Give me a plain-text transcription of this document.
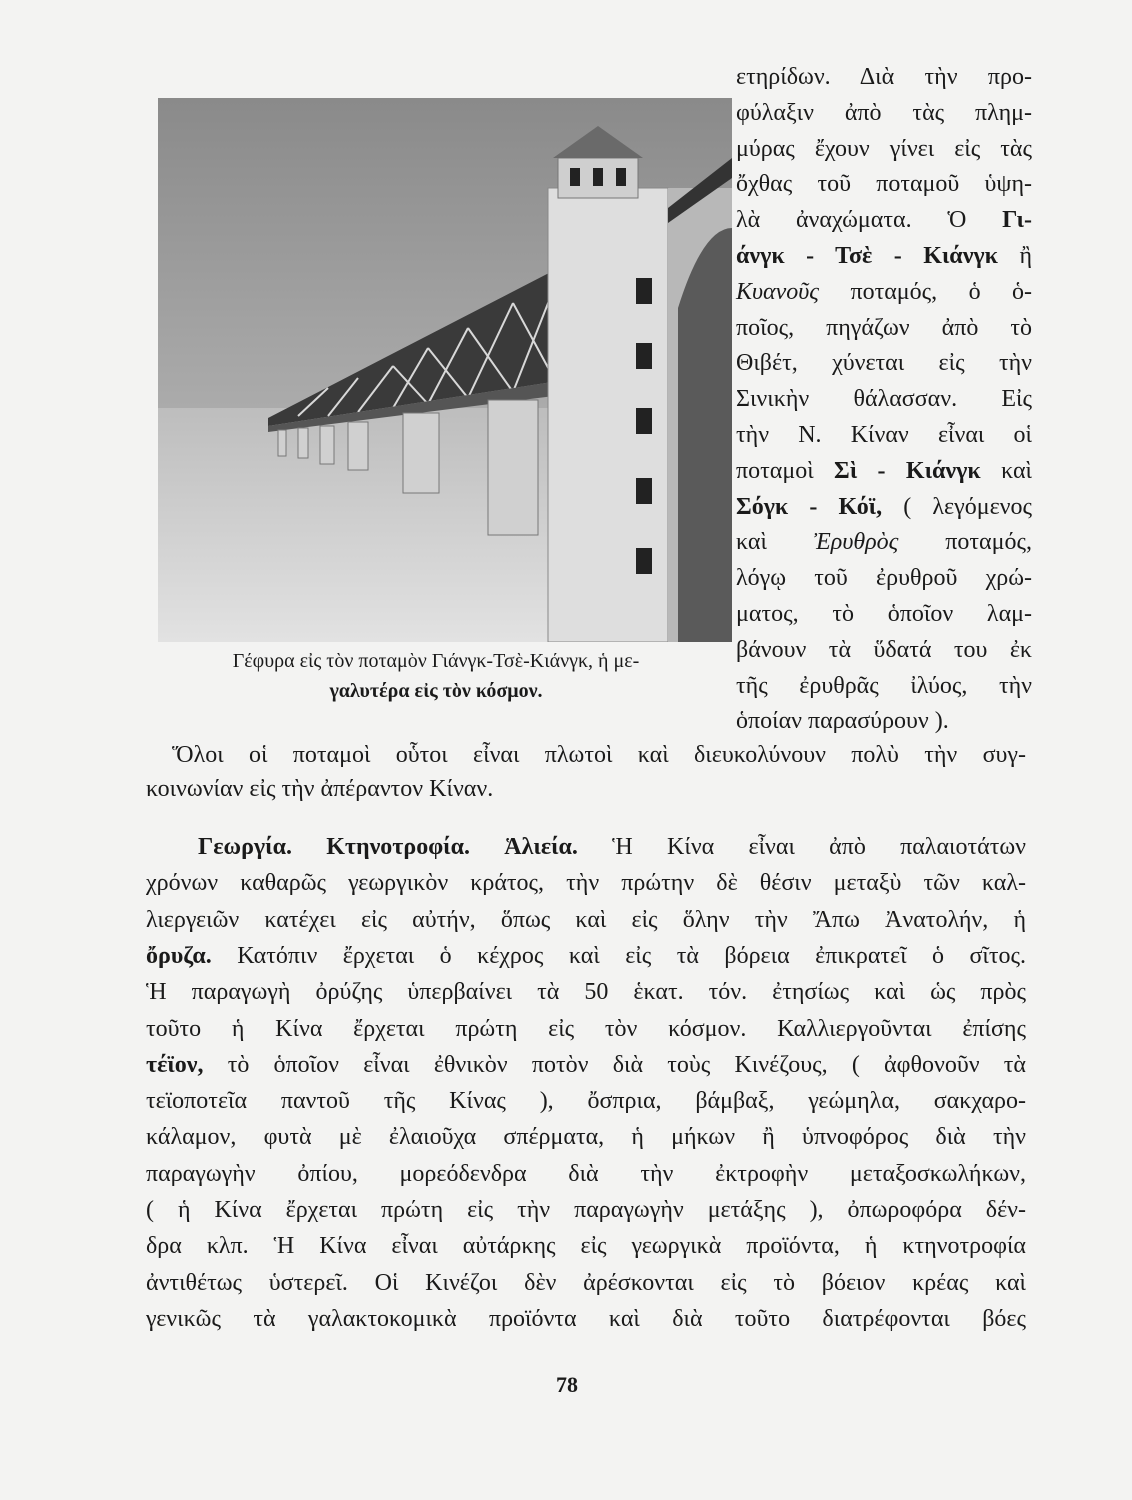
ετηρίδων. Διὰ τὴν προ-
φύλαξιν ἀπὸ τὰς πλημ-
μύρας ἔχουν γίνει εἰς τὰς
ὄχθας τοῦ ποταμοῦ ὑψη-
λὰ ἀναχώματα. Ὁ Γι-
άνγκ - Τσὲ - Κιάνγκ ἢ
Κυανοῦς ποταμός, ὁ ὁ-
ποῖος, πηγάζων ἀπὸ τὸ
Θιβέτ, χύνεται εἰς τὴν
Σινικὴν θάλασσαν. Εἰς
τὴν Ν. Κίναν εἶναι οἱ
ποταμοὶ Σὶ - Κιάνγκ καὶ
Σόγκ - Κόϊ, ( λεγόμενος
καὶ Ἐρυθρὸς ποταμός,
λόγῳ τοῦ ἐρυθροῦ χρώ-
ματος, τὸ ὁποῖον λαμ-
βάνουν τὰ ὕδατά του ἐκ
τῆς ἐρυθρᾶς ἰλύος, τὴν
ὁποίαν παρασύρουν ).
Γέφυρα εἰς τὸν ποταμὸν Γιάνγκ-Τσὲ-Κιάνγκ, ἡ με-
γαλυτέρα εἰς τὸν κόσμον.
Ὅλοι οἱ ποταμοὶ οὗτοι εἶναι πλωτοὶ καὶ διευκολύνουν πολὺ τὴν συγ-
κοινωνίαν εἰς τὴν ἀπέραντον Κίναν.
Γεωργία. Κτηνοτροφία. Ἁλιεία. Ἡ Κίνα εἶναι ἀπὸ παλαιοτάτων
χρόνων καθαρῶς γεωργικὸν κράτος, τὴν πρώτην δὲ θέσιν μεταξὺ τῶν καλ-
λιεργειῶν κατέχει εἰς αὐτήν, ὅπως καὶ εἰς ὅλην τὴν Ἄπω Ἀνατολήν, ἡ
ὄρυζα. Κατόπιν ἔρχεται ὁ κέχρος καὶ εἰς τὰ βόρεια ἐπικρατεῖ ὁ σῖτος.
Ἡ παραγωγὴ ὀρύζης ὑπερβαίνει τὰ 50 ἑκατ. τόν. ἐτησίως καὶ ὡς πρὸς
τοῦτο ἡ Κίνα ἔρχεται πρώτη εἰς τὸν κόσμον. Καλλιεργοῦνται ἐπίσης
τέϊον, τὸ ὁποῖον εἶναι ἐθνικὸν ποτὸν διὰ τοὺς Κινέζους, ( ἀφθονοῦν τὰ
τεϊοποτεῖα παντοῦ τῆς Κίνας ), ὄσπρια, βάμβαξ, γεώμηλα, σακχαρο-
κάλαμον, φυτὰ μὲ ἐλαιοῦχα σπέρματα, ἡ μήκων ἢ ὑπνοφόρος διὰ τὴν
παραγωγὴν ὀπίου, μορεόδενδρα διὰ τὴν ἐκτροφὴν μεταξοσκωλήκων,
( ἡ Κίνα ἔρχεται πρώτη εἰς τὴν παραγωγὴν μετάξης ), ὀπωροφόρα δέν-
δρα κλπ. Ἡ Κίνα εἶναι αὐτάρκης εἰς γεωργικὰ προϊόντα, ἡ κτηνοτροφία
ἀντιθέτως ὑστερεῖ. Οἱ Κινέζοι δὲν ἀρέσκονται εἰς τὸ βόειον κρέας καὶ
γενικῶς τὰ γαλακτοκομικὰ προϊόντα καὶ διὰ τοῦτο διατρέφονται βόες
78
